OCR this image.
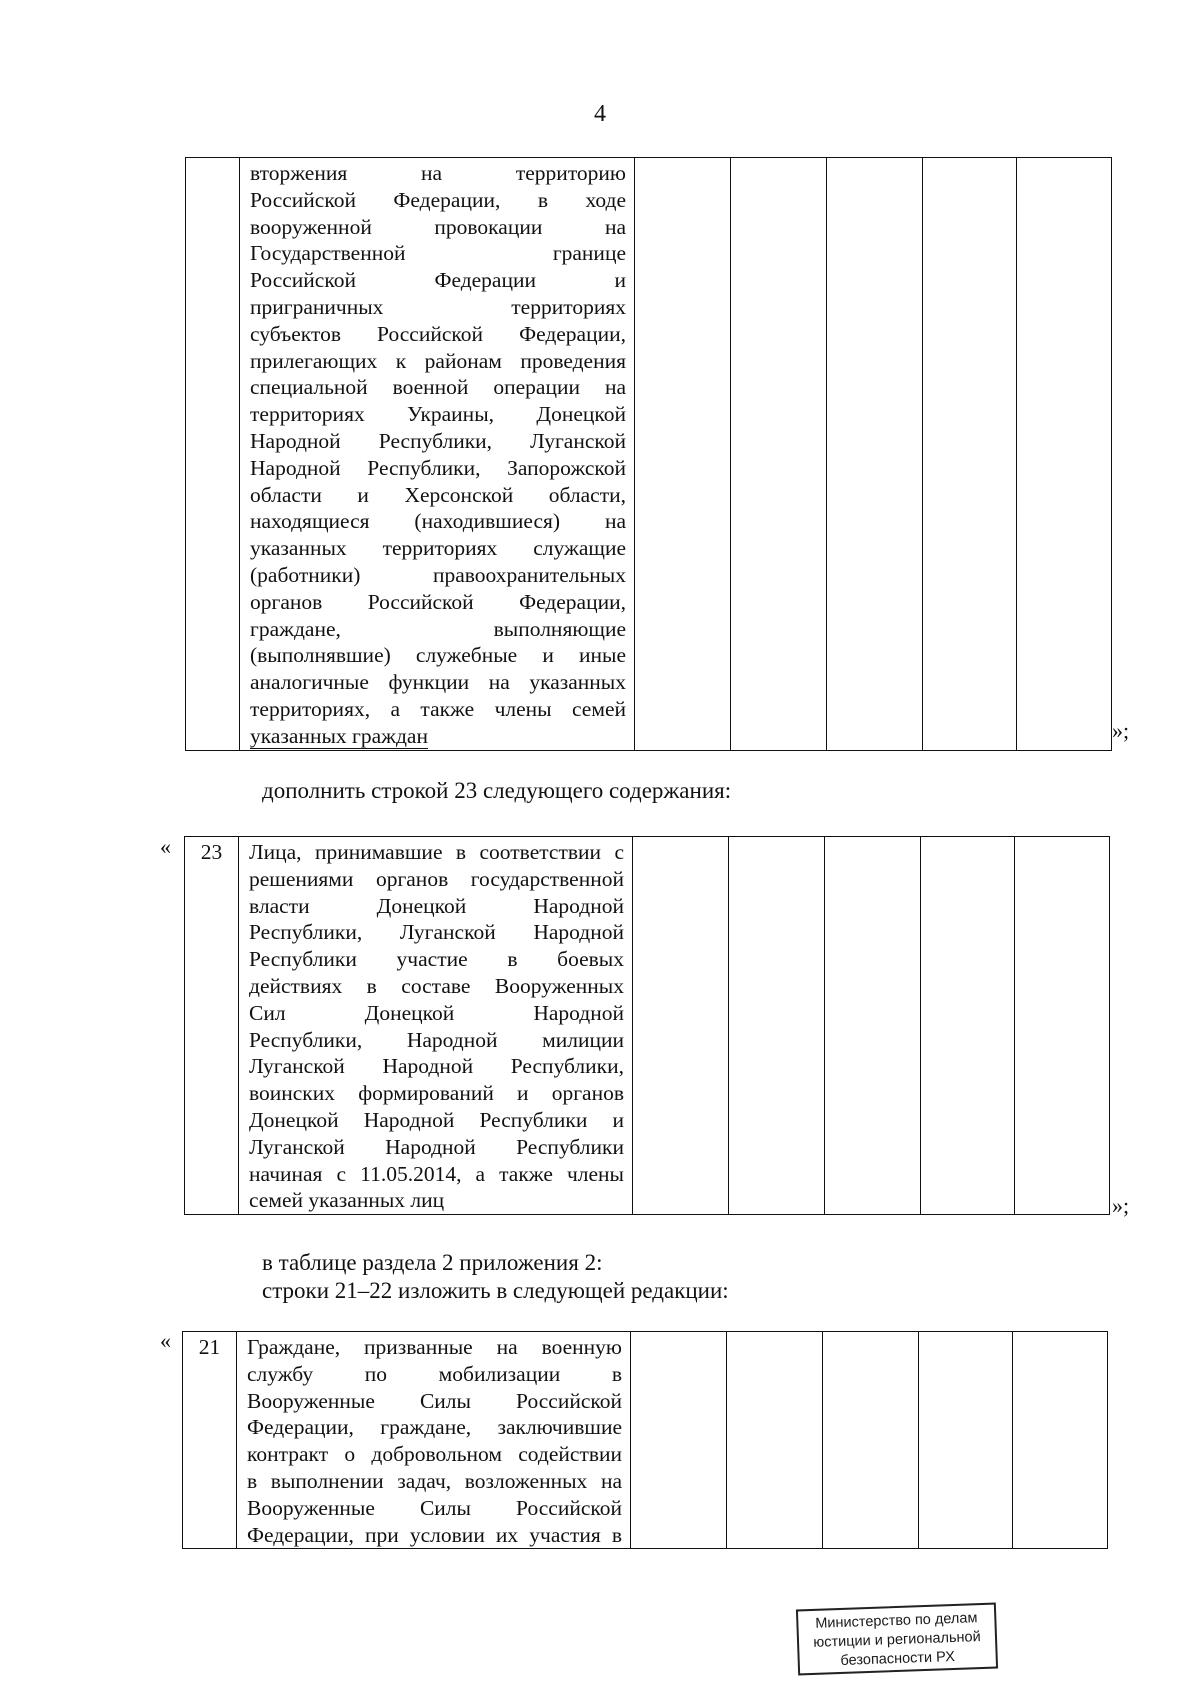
4

вторжения на территорию
Российской Федерации, в ходе
вооруженной провокации на
Государственной границе
Российской Федерации и
приграничных территориях
субъектов Российской Федерации,
прилегающих к районам проведения
специальной военной операции на
территориях Украины, Донецкой
Народной Республики, Луганской
Народной Республики, Запорожской
области и Херсонской области,
находящиеся (находившиеся) на
указанных территориях служащие
(работники) правоохранительных
органов Российской Федерации,
граждане, выполняющие
(выполнявшие) служебные и иные
аналогичные функции на указанных
территориях, а также члены семей
указанных граждан
						»;
дополнить строкой 23 следующего содержания:
« 23	Лица, принимавшие в соответствии с
решениями органов государственной
власти Донецкой Народной
Республики, Луганской Народной
Республики участие в боевых
действиях в составе Вооруженных
Сил Донецкой Народной
Республики, Народной милиции
Луганской Народной Республики,
воинских формирований и органов
Донецкой Народной Республики и
Луганской Народной Республики
начиная с 11.05.2014, а также члены
семей указанных лиц
						»;
в таблице раздела 2 приложения 2:
строки 21–22 изложить в следующей редакции:
« 21	Граждане, призванные на военную
службу по мобилизации в
Вооруженные Силы Российской
Федерации, граждане, заключившие
контракт о добровольном содействии
в выполнении задач, возложенных на
Вооруженные Силы Российской
Федерации, при условии их участия в

Министерство по делам
юстиции и региональной
безопасности РХ
